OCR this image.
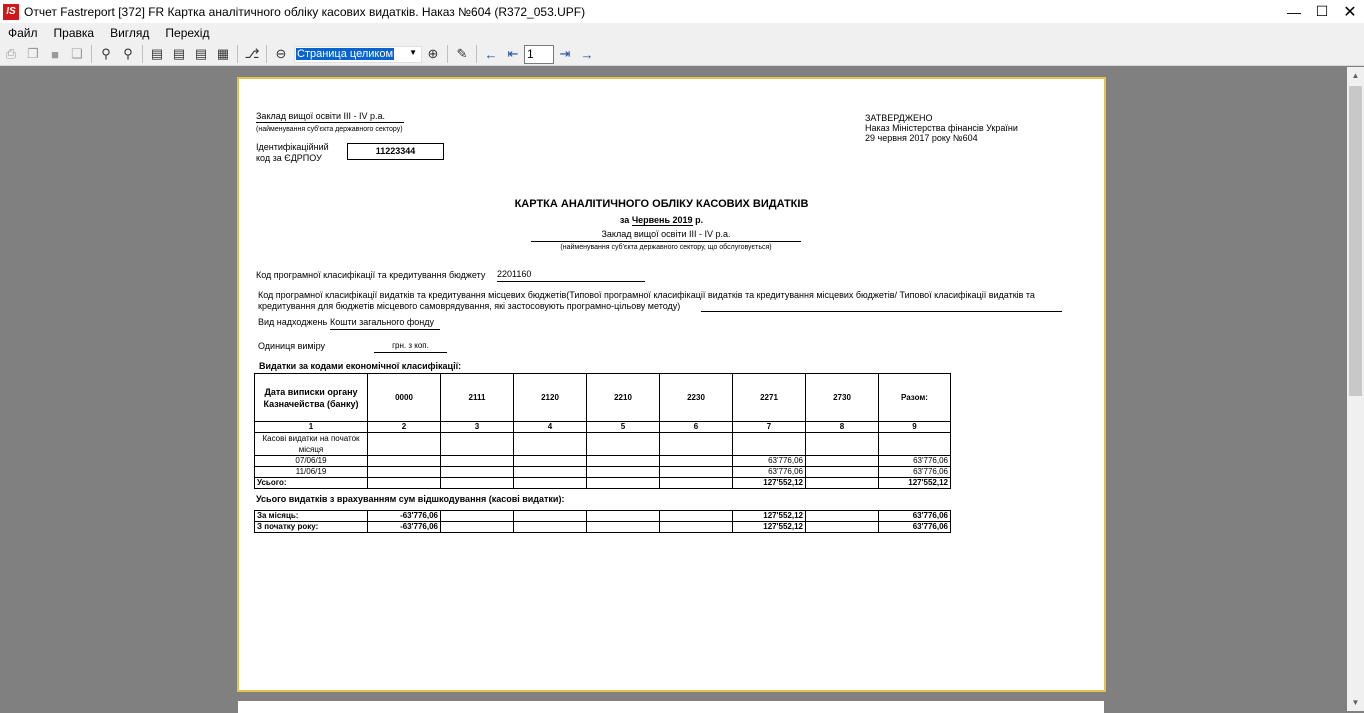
IS Отчет Fastreport [372] FR Картка аналітичного обліку касових видатків. Наказ №604 (R372_053.UPF)	—	☐ ✕
Файл	Правка	Вигляд	Перехід
⎙ ❐ ■ ❏	⚲ ⚲	▤ ▤ ▤ ▦	⎇	⊖ Страница целиком ▼ ⊕	✎	← ⇤ 1	⇥ →
▲
▼
Заклад вищої освіти ІІІ - IV р.а.
(найменування суб'єкта державного сектору)
Ідентифікаційний
код за ЄДРПОУ
11223344
ЗАТВЕРДЖЕНО
Наказ Міністерства фінансів України
29 червня 2017 року №604
КАРТКА АНАЛІТИЧНОГО ОБЛІКУ КАСОВИХ ВИДАТКІВ
за Червень 2019 р.
Заклад вищої освіти ІІІ - IV р.а.
(найменування суб'єкта державного сектору, що обслуговується)
Код програмної класифікації та кредитування бюджету 2201160
Код програмної класифікації видатків та кредитування місцевих бюджетів(Типової програмної класифікації видатків та кредитування місцевих бюджетів/ Типової класифікації видатків та
кредитування для бюджетів місцевого самоврядування, які застосовують програмно-цільову методу)
Вид надходжень Кошти загального фонду
Одиниця виміру	грн. з коп.
Видатки за кодами економічної класифікації:
Дата виписки органу Казначейства (банку)	0000	2111	2120	2210	2230	2271	2730	Разом:
1	2	3	4	5	6	7	8	9
Касові видатки на початок місяця								
07/06/19						63'776,06		63'776,06
11/06/19						63'776,06		63'776,06
Усього:						127'552,12		127'552,12
Усього видатків з врахуванням сум відшкодування (касові видатки):
За місяць:	-63'776,06					127'552,12		63'776,06
З початку року:	-63'776,06					127'552,12		63'776,06
